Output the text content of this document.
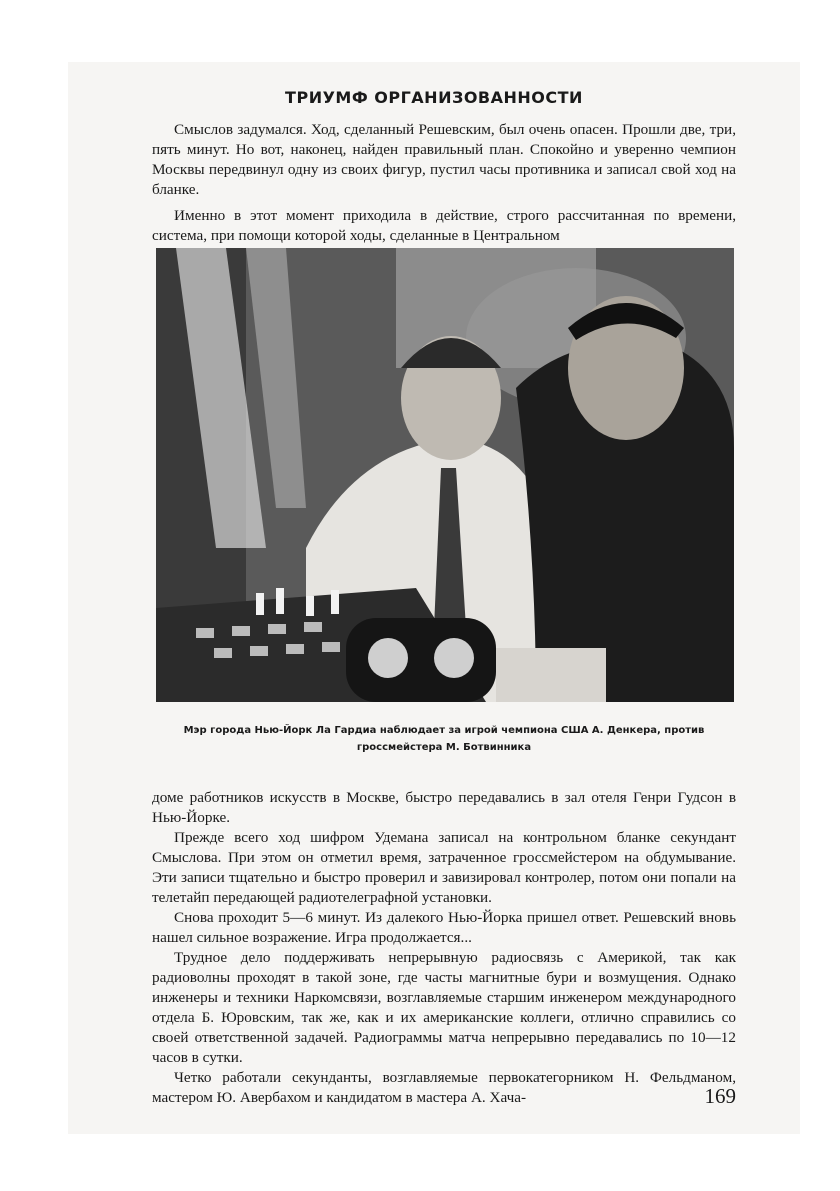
ТРИУМФ ОРГАНИЗОВАННОСТИ

Смыслов задумался. Ход, сделанный Решевским, был очень опасен. Прошли две, три, пять минут. Но вот, наконец, найден правильный план. Спокойно и уверенно чемпион Москвы передвинул одну из своих фигур, пустил часы противника и записал свой ход на бланке.

Именно в этот момент приходила в действие, строго рассчитанная по времени, система, при помощи которой ходы, сделанные в Центральном

Мэр города Нью-Йорк Ла Гардиа наблюдает за игрой чемпиона США А. Денкера, против гроссмейстера М. Ботвинника

доме работников искусств в Москве, быстро передавались в зал отеля Генри Гудсон в Нью-Йорке.

Прежде всего ход шифром Удемана записал на контрольном бланке секундант Смыслова. При этом он отметил время, затраченное гроссмейстером на обдумывание. Эти записи тщательно и быстро проверил и завизировал контролер, потом они попали на телетайп передающей радиотелеграфной установки.

Снова проходит 5—6 минут. Из далекого Нью-Йорка пришел ответ. Решевский вновь нашел сильное возражение. Игра продолжается...

Трудное дело поддерживать непрерывную радиосвязь с Америкой, так как радиоволны проходят в такой зоне, где часты магнитные бури и возмущения. Однако инженеры и техники Наркомсвязи, возглавляемые старшим инженером международного отдела Б. Юровским, так же, как и их американские коллеги, отлично справились со своей ответственной задачей. Радиограммы матча непрерывно передавались по 10—12 часов в сутки.

Четко работали секунданты, возглавляемые первокатегорником Н. Фельдманом, мастером Ю. Авербахом и кандидатом в мастера А. Хача-	169
